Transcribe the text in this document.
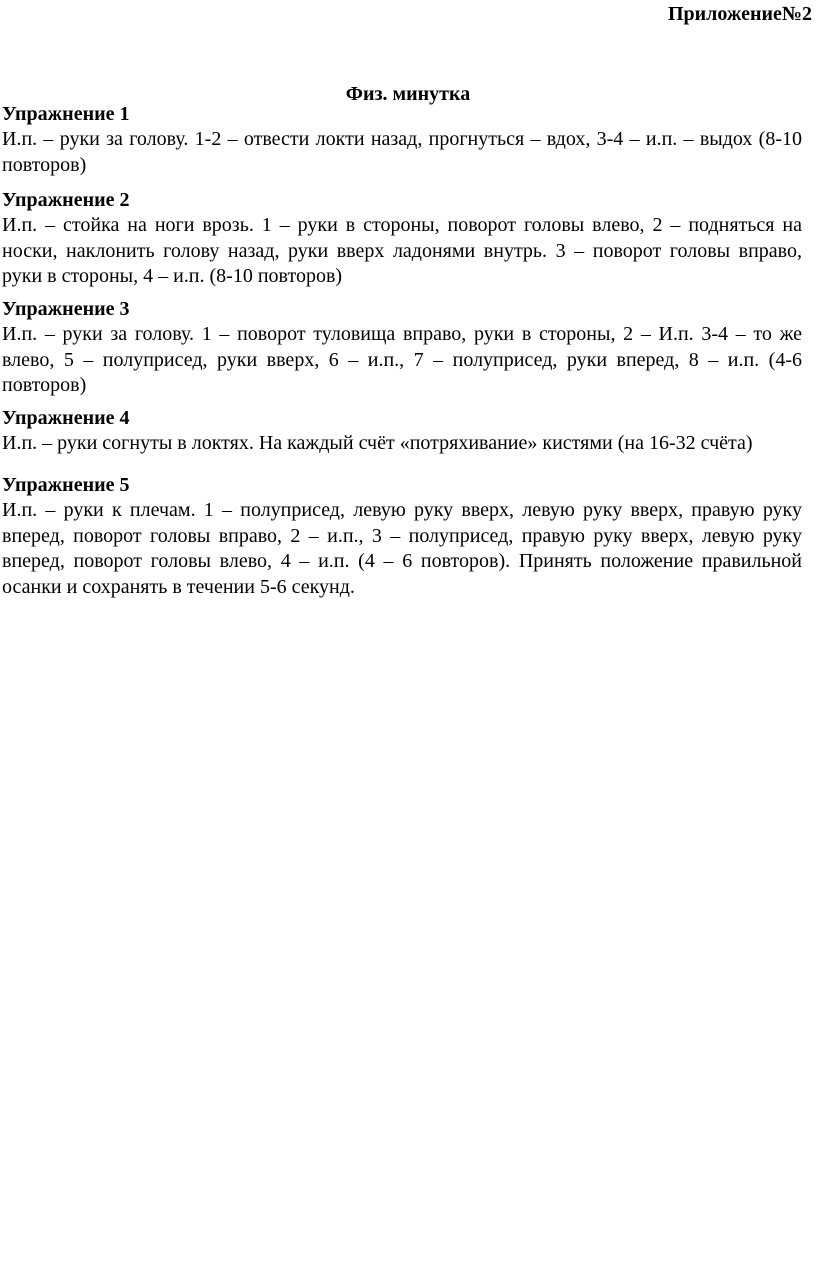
Приложение№2
Физ. минутка

Упражнение 1

И.п. – руки за голову. 1-2 – отвести локти назад, прогнуться – вдох, 3-4 – и.п. – выдох (8-10 повторов)

Упражнение 2

И.п. – стойка на ноги врозь. 1 – руки в стороны, поворот головы влево, 2 – подняться на носки, наклонить голову назад, руки вверх ладонями внутрь. 3 – поворот головы вправо, руки в стороны, 4 – и.п. (8-10 повторов)

Упражнение 3

И.п. – руки за голову. 1 – поворот туловища вправо, руки в стороны, 2 – И.п. 3-4 – то же влево, 5 – полуприсед, руки вверх, 6 – и.п., 7 – полуприсед, руки вперед, 8 – и.п. (4-6 повторов)

Упражнение 4

И.п. – руки согнуты в локтях. На каждый счёт «потряхивание» кистями (на 16-32 счёта)

Упражнение 5

И.п. – руки к плечам. 1 – полуприсед, левую руку вверх, левую руку вверх, правую руку вперед, поворот головы вправо, 2 – и.п., 3 – полуприсед, правую руку вверх, левую руку вперед, поворот головы влево, 4 – и.п. (4 – 6 повторов). Принять положение правильной осанки и сохранять в течении 5-6 секунд.
